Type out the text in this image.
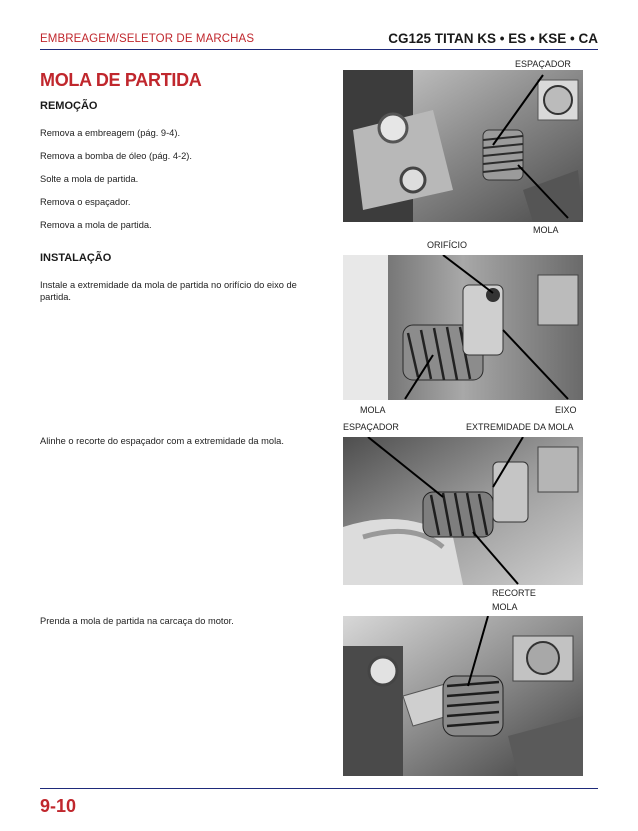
EMBREAGEM/SELETOR DE MARCHAS	CG125 TITAN KS • ES • KSE • CA
MOLA DE PARTIDA
REMOÇÃO
Remova a embreagem (pág. 9-4).
Remova a bomba de óleo (pág. 4-2).
Solte a mola de partida.
Remova o espaçador.
Remova a mola de partida.
INSTALAÇÃO
Instale a extremidade da mola de partida no orifício do eixo de partida.
Alinhe o recorte do espaçador com a extremidade da mola.
Prenda a mola de partida na carcaça do motor.
ESPAÇADOR
MOLA
ORIFÍCIO
MOLA	EIXO
ESPAÇADOR	EXTREMIDADE DA MOLA
RECORTE
MOLA
9-10
